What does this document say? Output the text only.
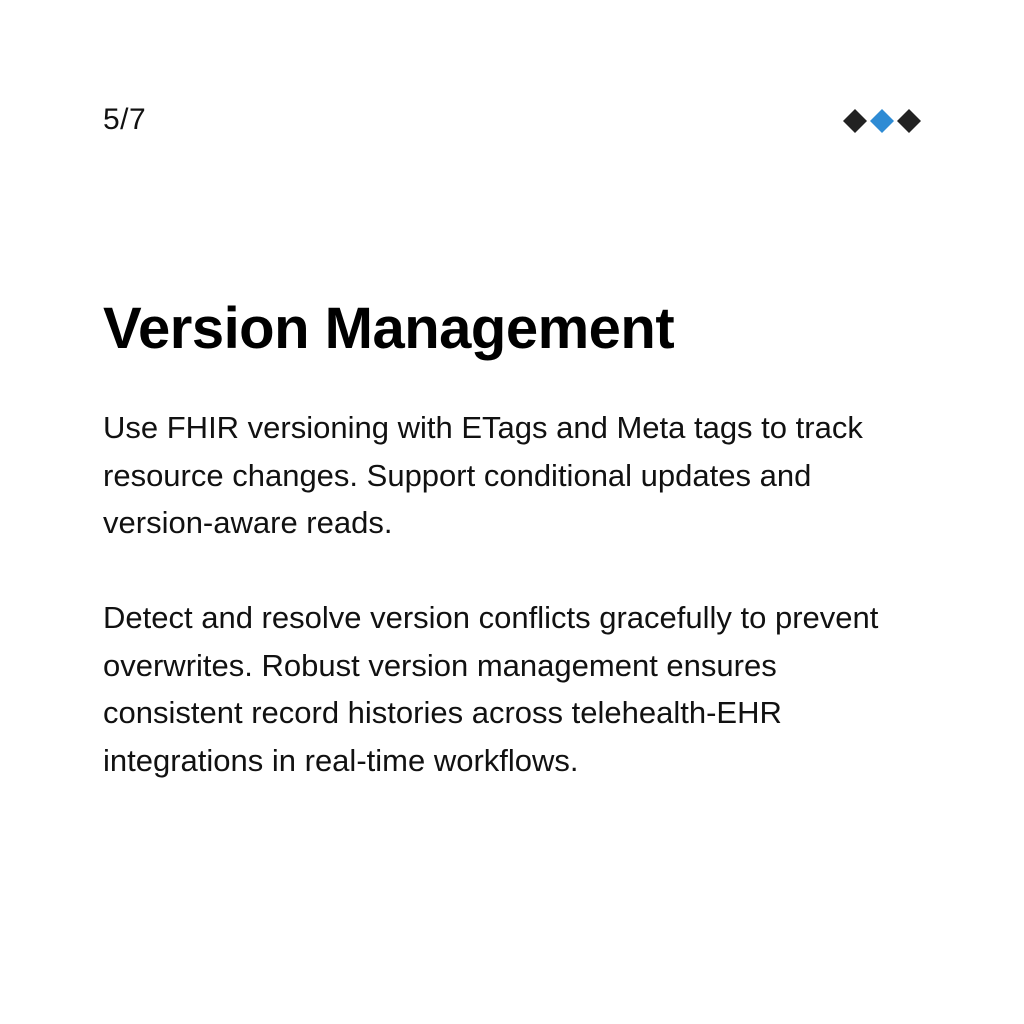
5/7
Version Management

Use FHIR versioning with ETags and Meta tags to track resource changes. Support conditional updates and version-aware reads.

Detect and resolve version conflicts gracefully to prevent overwrites. Robust version management ensures consistent record histories across telehealth-EHR integrations in real-time workflows.
